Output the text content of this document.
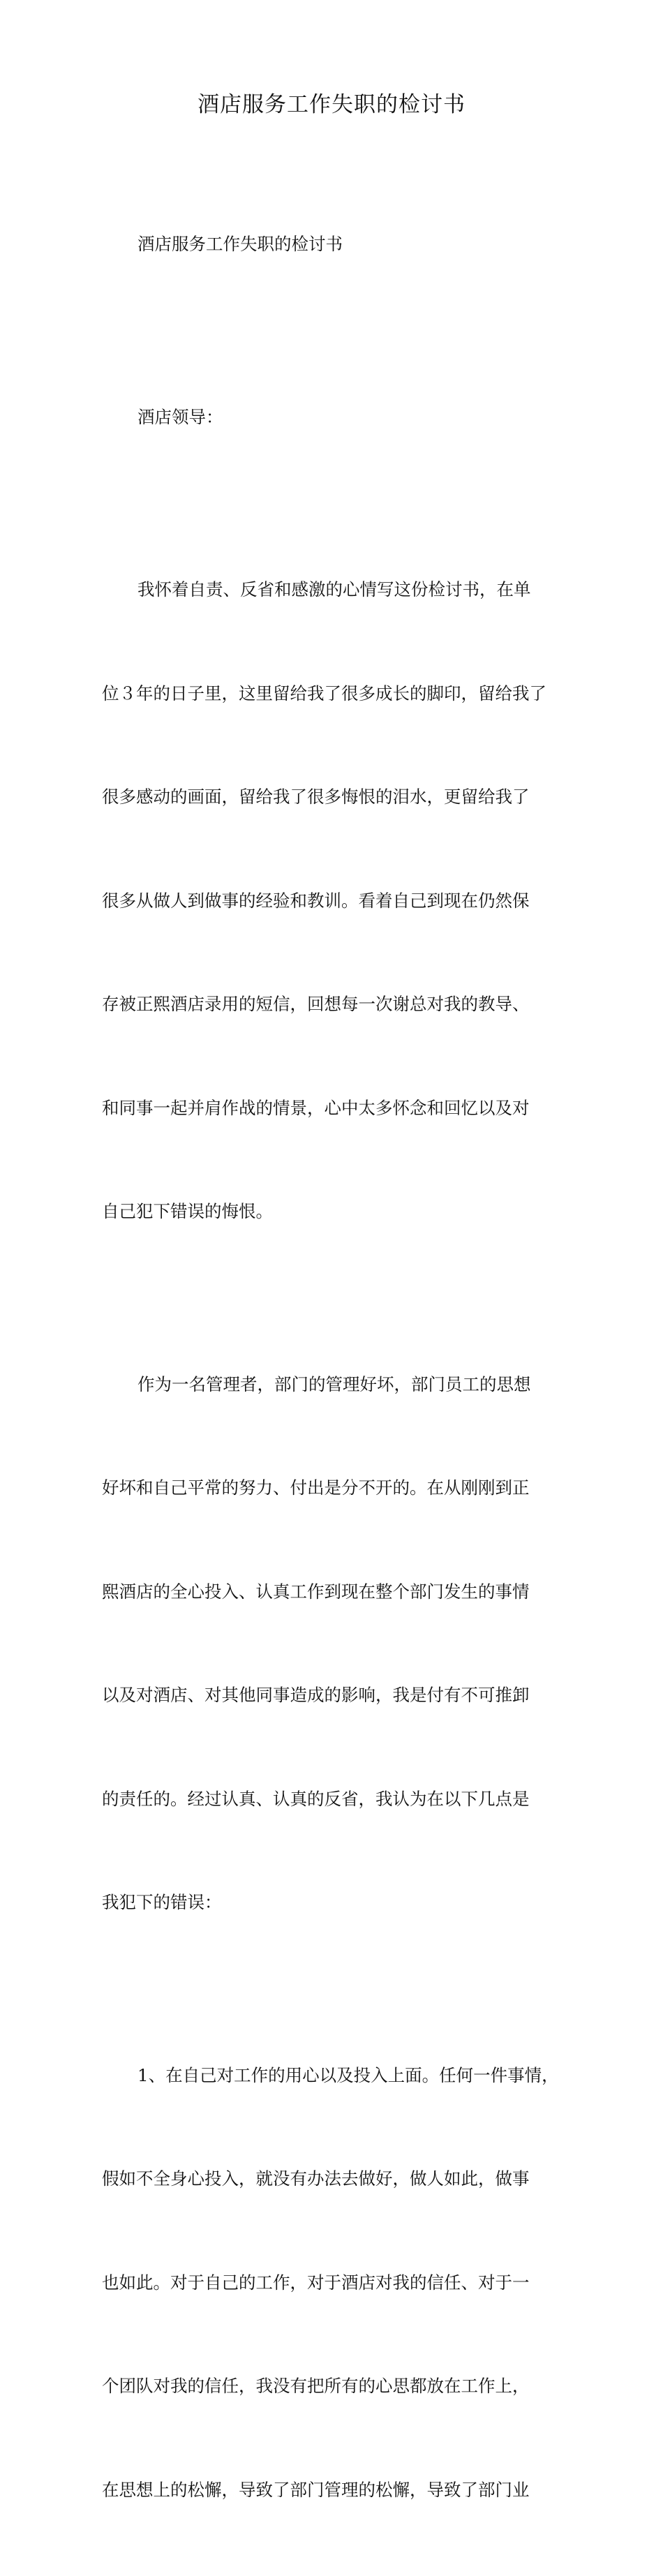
酒店服务工作失职的检讨书

酒店服务工作失职的检讨书

酒店领导：

我怀着自责、反省和感激的心情写这份检讨书，在单

位３年的日子里，这里留给我了很多成长的脚印，留给我了

很多感动的画面，留给我了很多悔恨的泪水，更留给我了

很多从做人到做事的经验和教训。看着自己到现在仍然保

存被正熙酒店录用的短信，回想每一次谢总对我的教导、

和同事一起并肩作战的情景，心中太多怀念和回忆以及对

自己犯下错误的悔恨。

作为一名管理者，部门的管理好坏，部门员工的思想

好坏和自己平常的努力、付出是分不开的。在从刚刚到正

熙酒店的全心投入、认真工作到现在整个部门发生的事情

以及对酒店、对其他同事造成的影响，我是付有不可推卸

的责任的。经过认真、认真的反省，我认为在以下几点是

我犯下的错误：

1、在自己对工作的用心以及投入上面。任何一件事情，

假如不全身心投入，就没有办法去做好，做人如此，做事

也如此。对于自己的工作，对于酒店对我的信任、对于一

个团队对我的信任，我没有把所有的心思都放在工作上，

在思想上的松懈，导致了部门管理的松懈，导致了部门业
